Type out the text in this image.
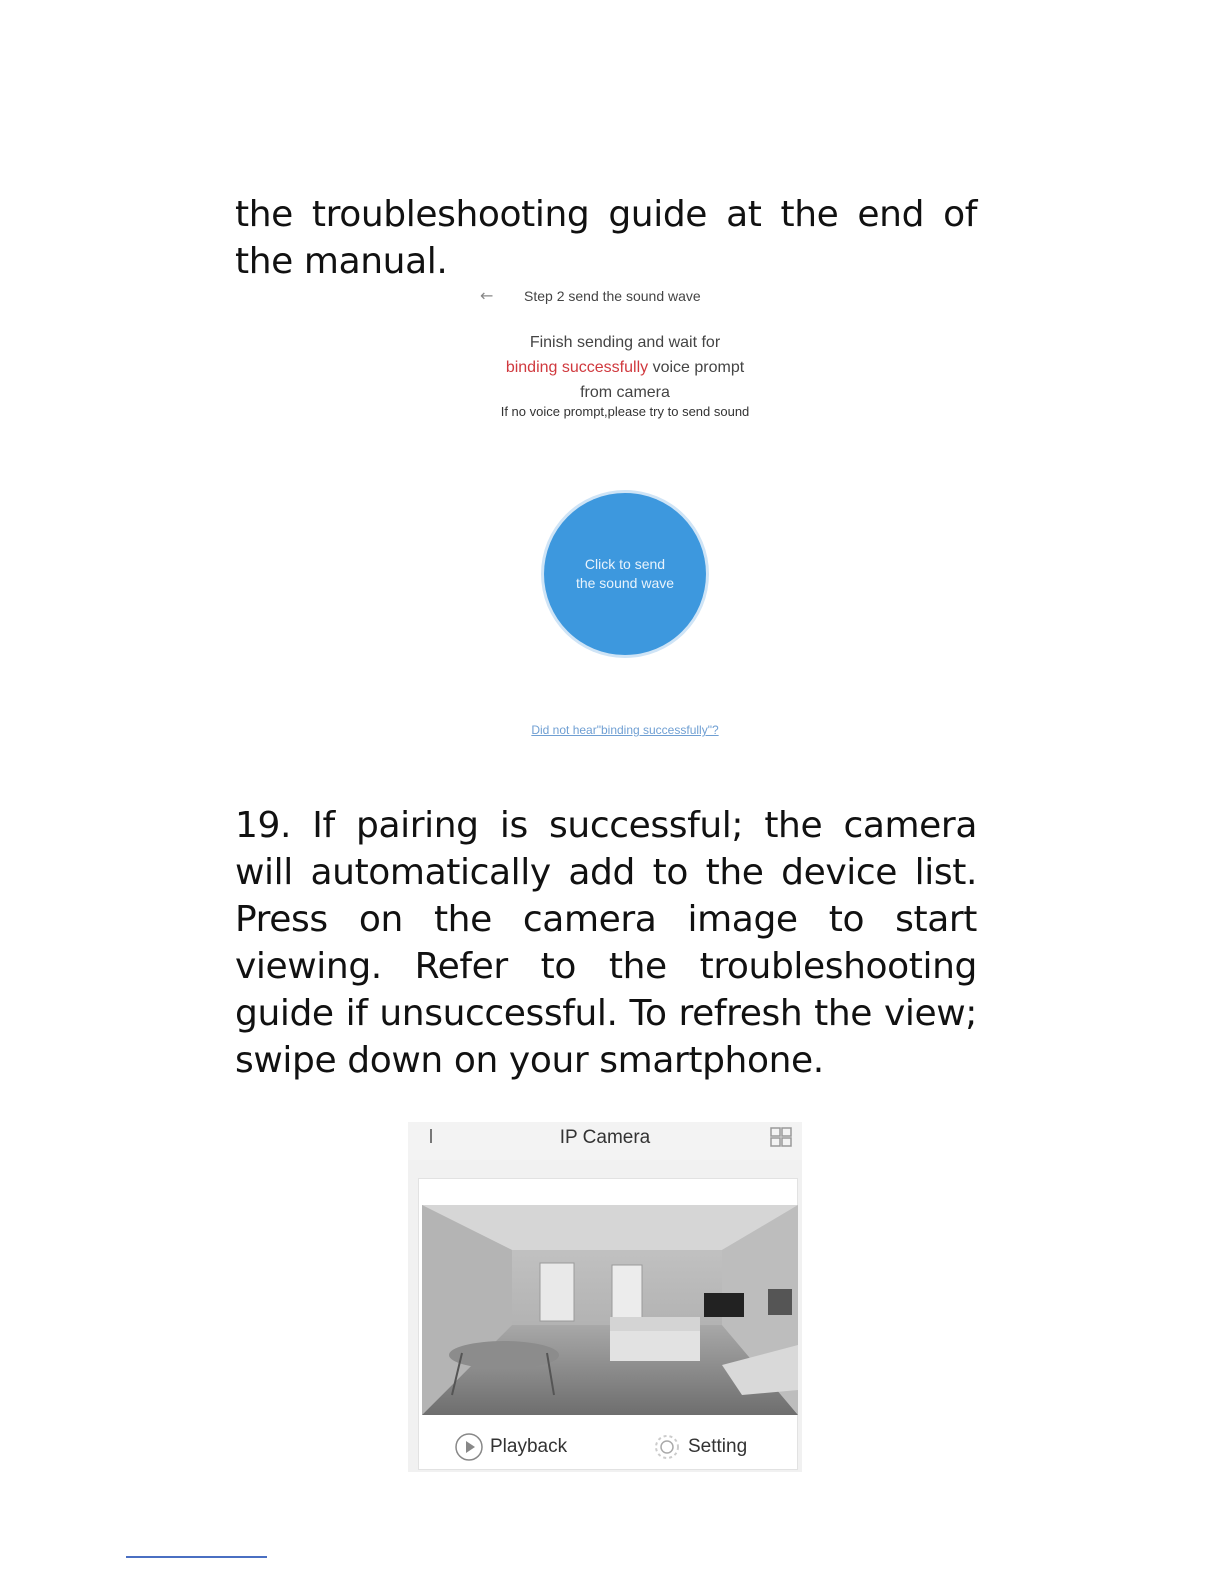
the troubleshooting guide at the end of the manual.

← Step 2 send the sound wave
Finish sending and wait for
binding successfully voice prompt
from camera
If no voice prompt,please try to send sound
Click to send
the sound wave
Did not hear"binding successfully"?

19. If pairing is successful; the camera will automatically add to the device list. Press on the camera image to start viewing. Refer to the troubleshooting guide if unsuccessful. To refresh the view; swipe down on your smartphone.

IP Camera
Playback	Setting
